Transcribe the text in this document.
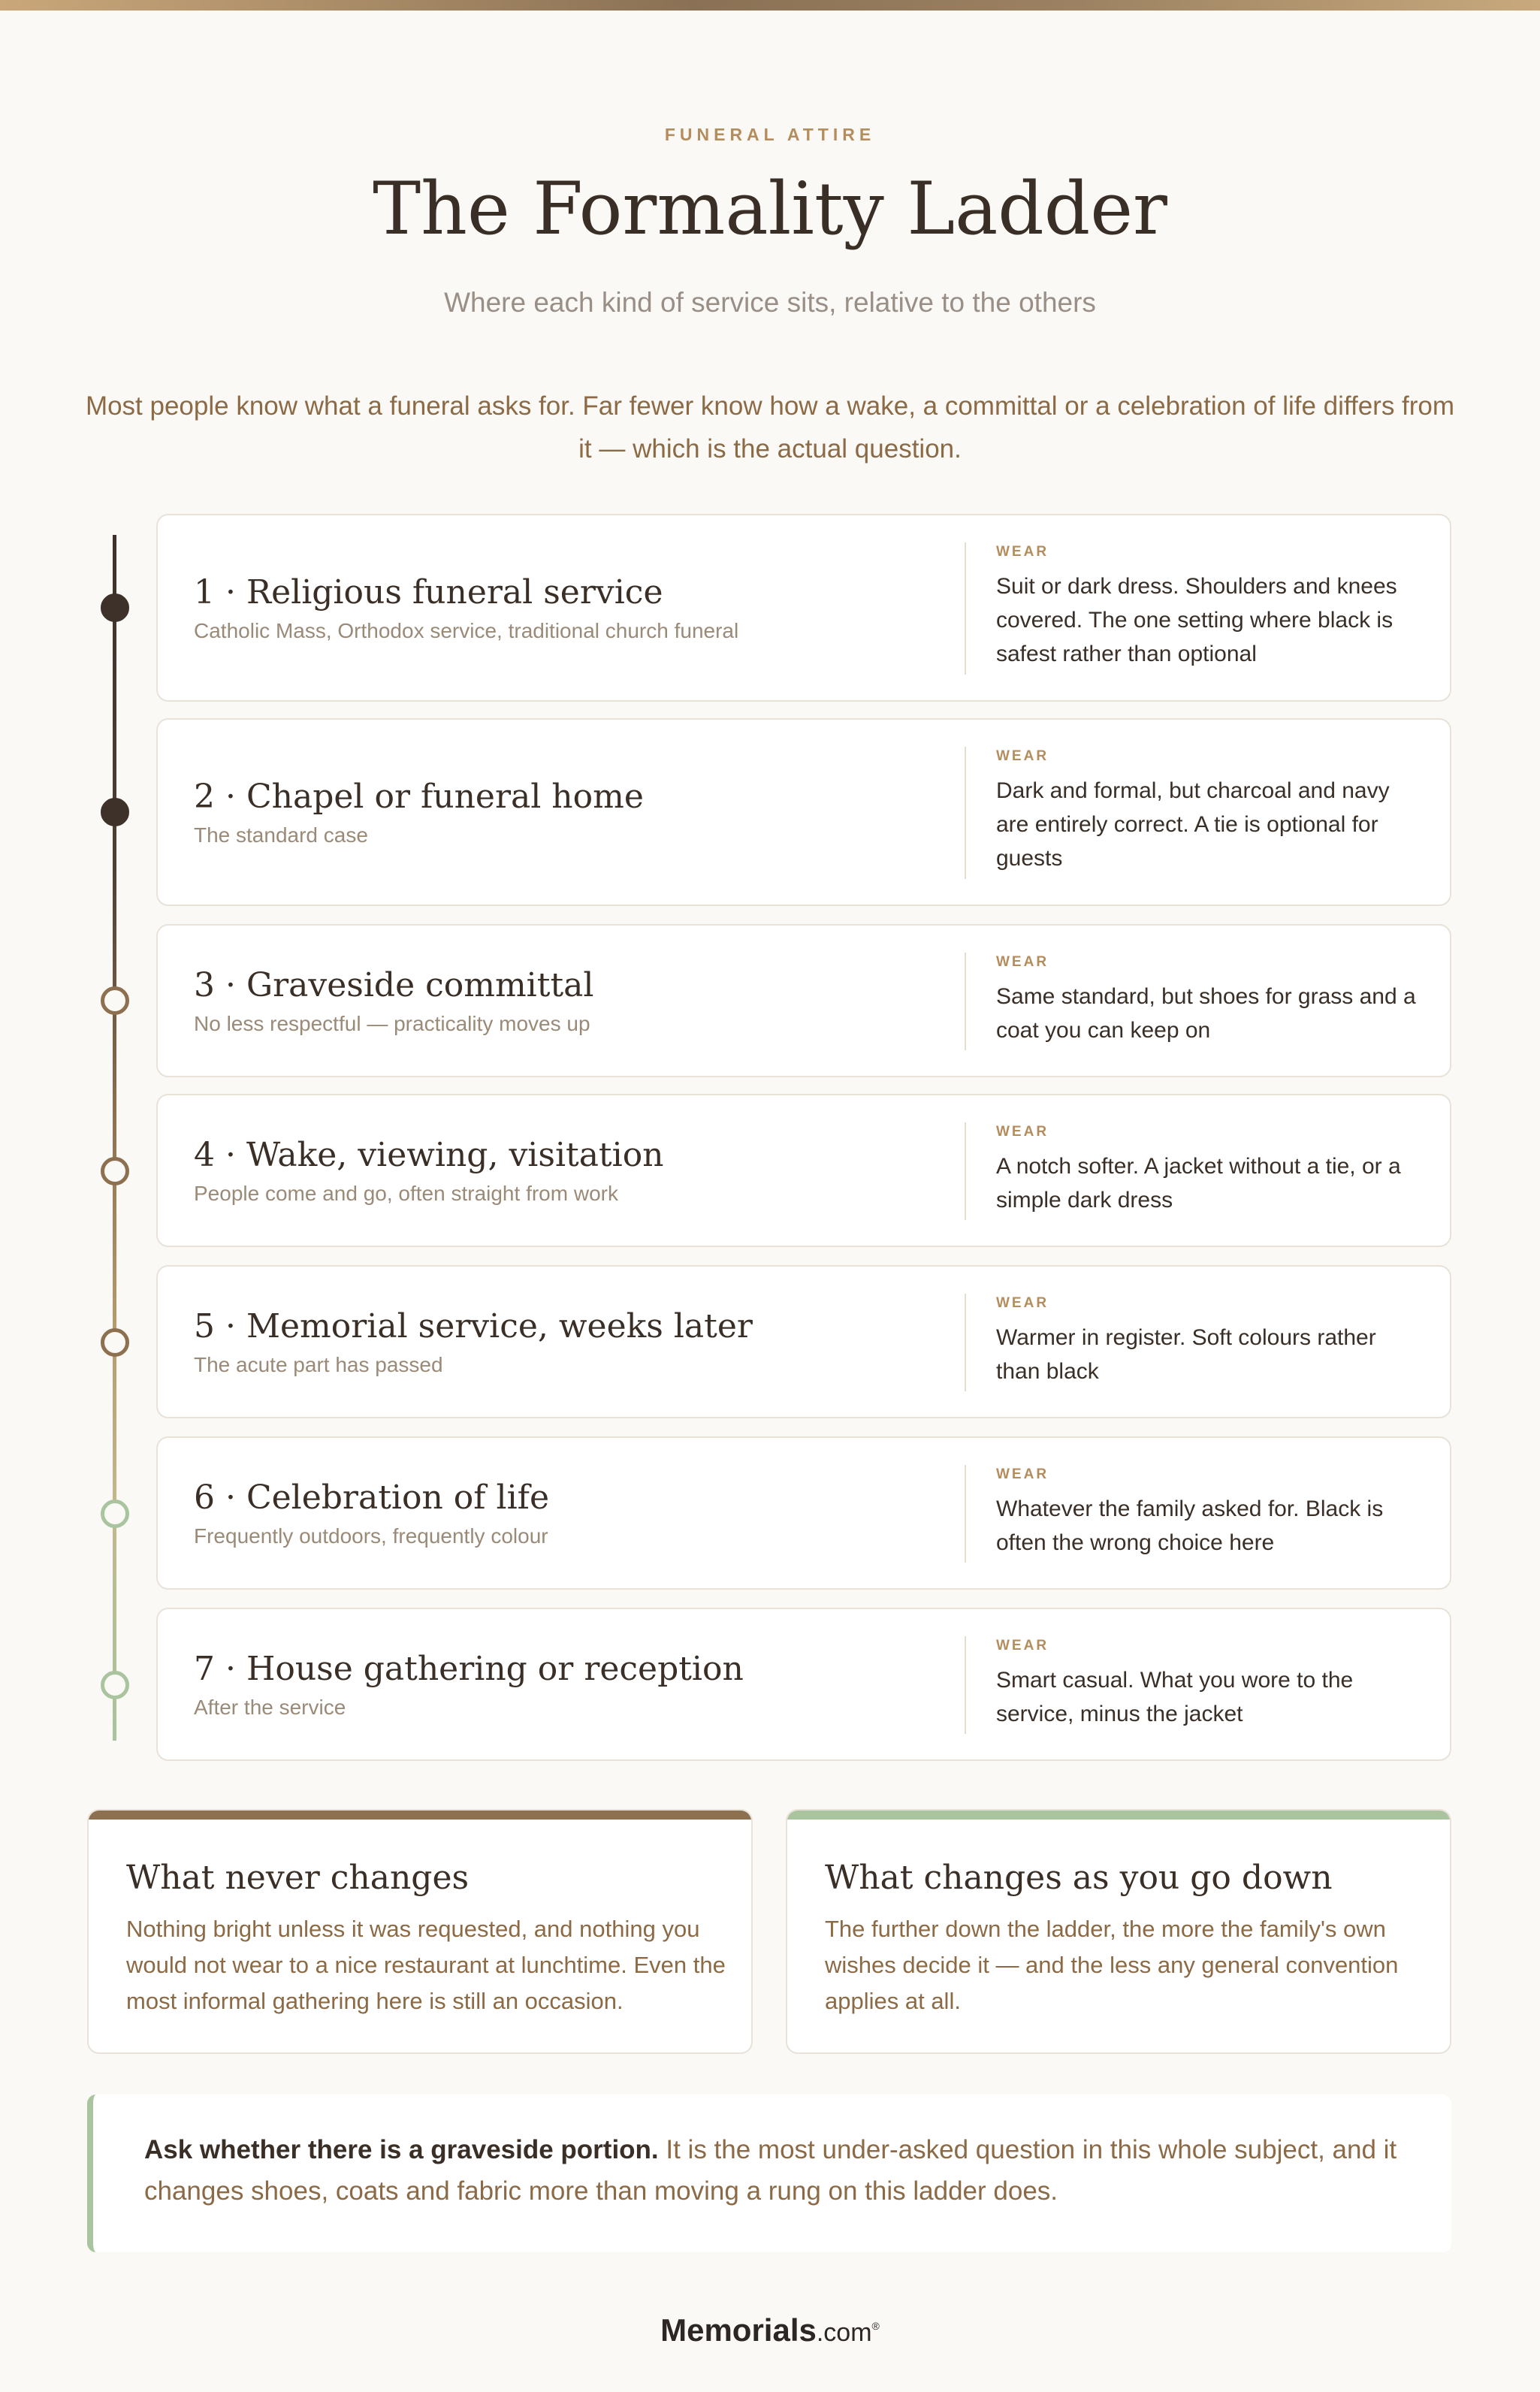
FUNERAL ATTIRE
The Formality Ladder
Where each kind of service sits, relative to the others

Most people know what a funeral asks for. Far fewer know how a wake, a committal or a celebration of life differs from it — which is the actual question.

1 · Religious funeral service
Catholic Mass, Orthodox service, traditional church funeral
WEAR
Suit or dark dress. Shoulders and knees covered. The one setting where black is safest rather than optional
2 · Chapel or funeral home
The standard case
WEAR
Dark and formal, but charcoal and navy are entirely correct. A tie is optional for guests
3 · Graveside committal
No less respectful — practicality moves up
WEAR
Same standard, but shoes for grass and a coat you can keep on
4 · Wake, viewing, visitation
People come and go, often straight from work
WEAR
A notch softer. A jacket without a tie, or a simple dark dress
5 · Memorial service, weeks later
The acute part has passed
WEAR
Warmer in register. Soft colours rather than black
6 · Celebration of life
Frequently outdoors, frequently colour
WEAR
Whatever the family asked for. Black is often the wrong choice here
7 · House gathering or reception
After the service
WEAR
Smart casual. What you wore to the service, minus the jacket
What never changes

Nothing bright unless it was requested, and nothing you would not wear to a nice restaurant at lunchtime. Even the most informal gathering here is still an occasion.

What changes as you go down

The further down the ladder, the more the family's own wishes decide it — and the less any general convention applies at all.

Ask whether there is a graveside portion. It is the most under-asked question in this whole subject, and it changes shoes, coats and fabric more than moving a rung on this ladder does.

Memorials.com®
